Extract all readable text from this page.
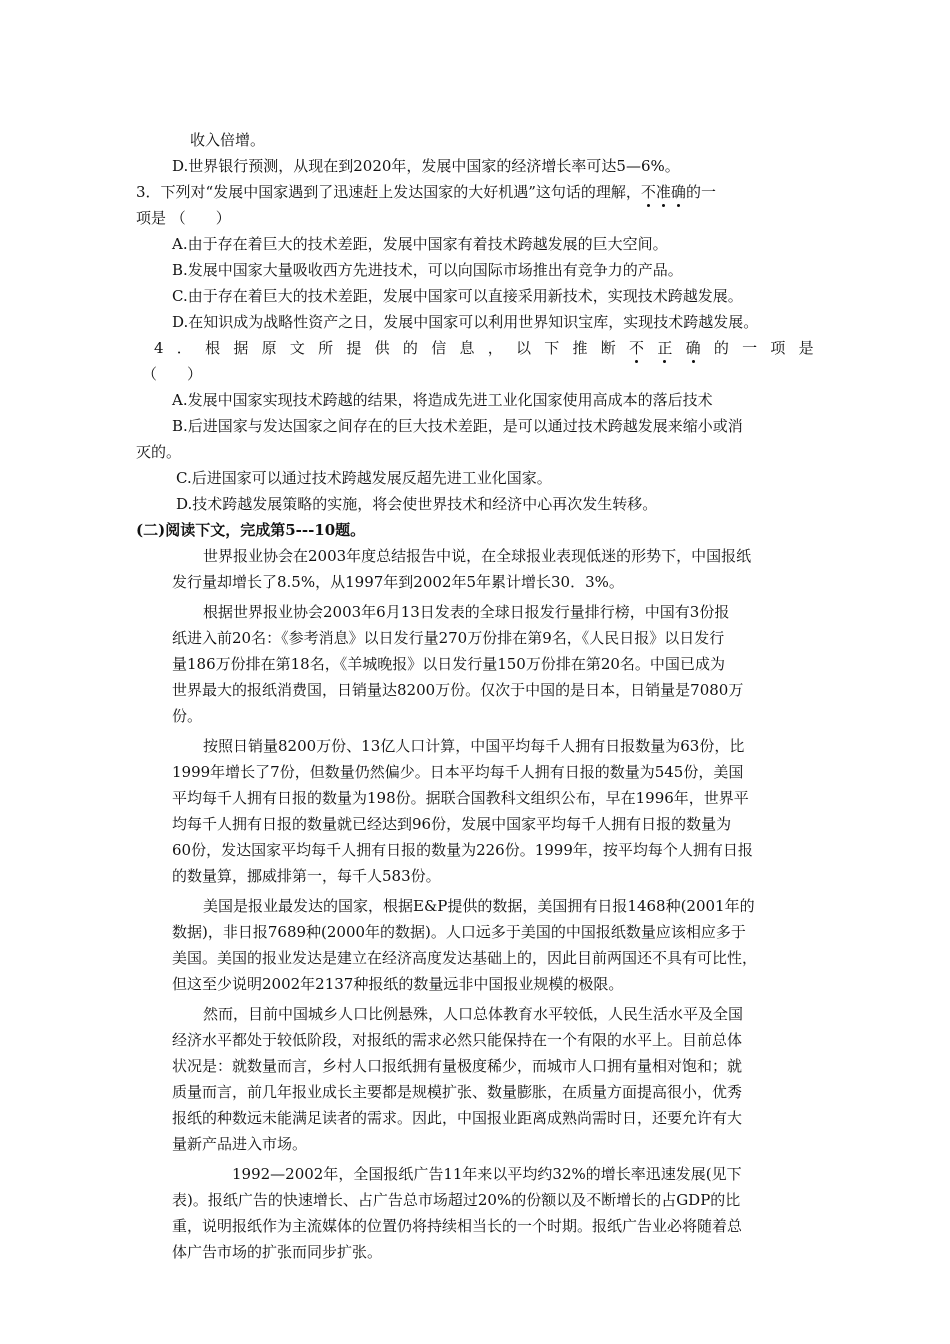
收入倍增。
D.世界银行预测，从现在到2020年，发展中国家的经济增长率可达5—6%。
3．下列对“发展中国家遇到了迅速赶上发达国家的大好机遇”这句话的理解，不准确的一
项是 （　　）
A.由于存在着巨大的技术差距，发展中国家有着技术跨越发展的巨大空间。
B.发展中国家大量吸收西方先进技术，可以向国际市场推出有竞争力的产品。
C.由于存在着巨大的技术差距，发展中国家可以直接采用新技术，实现技术跨越发展。
D.在知识成为战略性资产之日，发展中国家可以利用世界知识宝库，实现技术跨越发展。
4 ． 根 据 原 文 所 提 供 的 信 息 ， 以 下 推 断 不 正 确 的 一 项 是
（　　）
A.发展中国家实现技术跨越的结果，将造成先进工业化国家使用高成本的落后技术
B.后进国家与发达国家之间存在的巨大技术差距，是可以通过技术跨越发展来缩小或消
灭的。
C.后进国家可以通过技术跨越发展反超先进工业化国家。
D.技术跨越发展策略的实施，将会使世界技术和经济中心再次发生转移。
(二)阅读下文，完成第5---10题。
世界报业协会在2003年度总结报告中说，在全球报业表现低迷的形势下，中国报纸
发行量却增长了8.5%，从1997年到2002年5年累计增长30．3%。
根据世界报业协会2003年6月13日发表的全球日报发行量排行榜，中国有3份报
纸进入前20名：《参考消息》以日发行量270万份排在第9名，《人民日报》以日发行
量186万份排在第18名，《羊城晚报》以日发行量150万份排在第20名。中国已成为
世界最大的报纸消费国，日销量达8200万份。仅次于中国的是日本，日销量是7080万
份。
按照日销量8200万份、13亿人口计算，中国平均每千人拥有日报数量为63份，比
1999年增长了7份，但数量仍然偏少。日本平均每千人拥有日报的数量为545份，美国
平均每千人拥有日报的数量为198份。据联合国教科文组织公布，早在1996年，世界平
均每千人拥有日报的数量就已经达到96份，发展中国家平均每千人拥有日报的数量为
60份，发达国家平均每千人拥有日报的数量为226份。1999年，按平均每个人拥有日报
的数量算，挪威排第一，每千人583份。
美国是报业最发达的国家，根据E&P提供的数据，美国拥有日报1468种(2001年的
数据)，非日报7689种(2000年的数据)。人口远多于美国的中国报纸数量应该相应多于
美国。美国的报业发达是建立在经济高度发达基础上的，因此目前两国还不具有可比性，
但这至少说明2002年2137种报纸的数量远非中国报业规模的极限。
然而，目前中国城乡人口比例悬殊，人口总体教育水平较低，人民生活水平及全国
经济水平都处于较低阶段，对报纸的需求必然只能保持在一个有限的水平上。目前总体
状况是：就数量而言，乡村人口报纸拥有量极度稀少，而城市人口拥有量相对饱和；就
质量而言，前几年报业成长主要都是规模扩张、数量膨胀，在质量方面提高很小，优秀
报纸的种数远未能满足读者的需求。因此，中国报业距离成熟尚需时日，还要允许有大
量新产品进入市场。
1992—2002年，全国报纸广告11年来以平均约32%的增长率迅速发展(见下
表)。报纸广告的快速增长、占广告总市场超过20%的份额以及不断增长的占GDP的比
重，说明报纸作为主流媒体的位置仍将持续相当长的一个时期。报纸广告业必将随着总
体广告市场的扩张而同步扩张。
